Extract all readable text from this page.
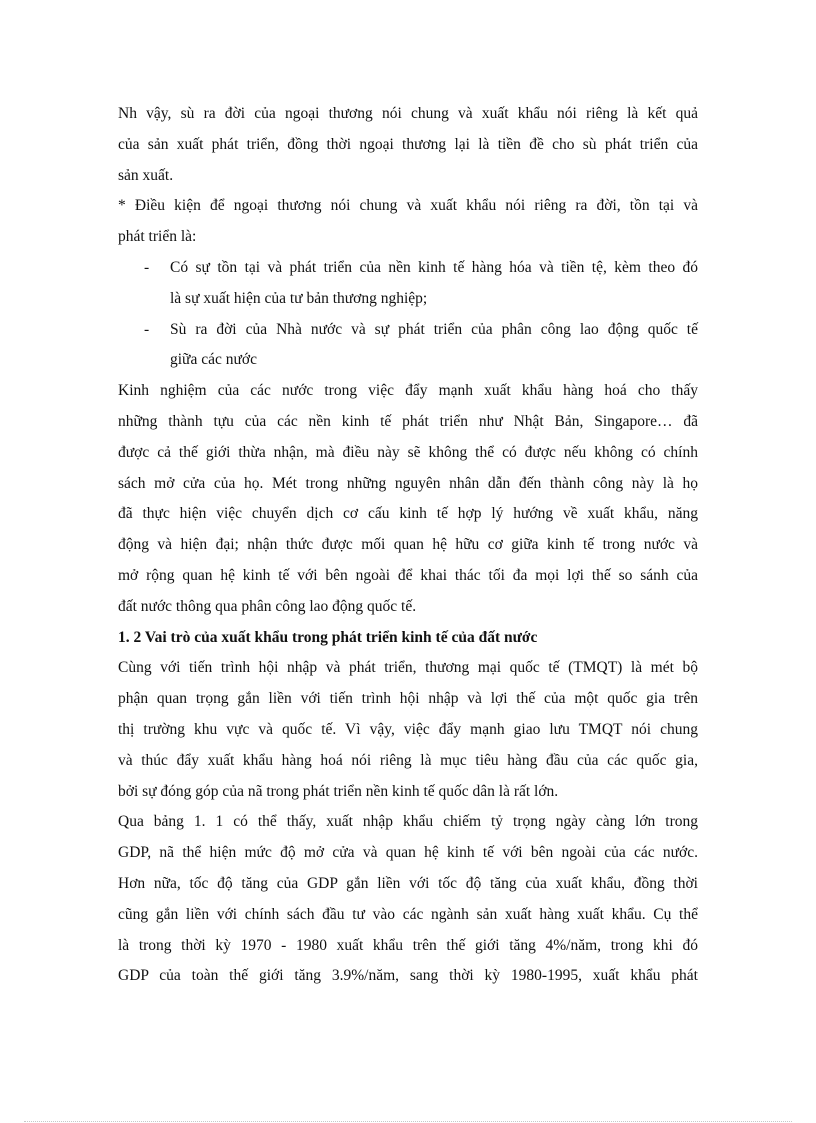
Nh vậy, sù ra đời của ngoại thương nói chung và xuất khẩu nói riêng là kết quả
của sản xuất phát triển, đồng thời ngoại thương lại là tiền đề cho sù phát triển của
sản xuất.
* Điều kiện để ngoại thương nói chung và xuất khẩu nói riêng ra đời, tồn tại và
phát triển là:
- Có sự tồn tại và phát triển của nền kinh tế hàng hóa và tiền tệ, kèm theo đó
là sự xuất hiện của tư bản thương nghiệp;
- Sù ra đời của Nhà nước và sự phát triển của phân công lao động quốc tế
giữa các nước
Kinh nghiệm của các nước trong việc đẩy mạnh xuất khẩu hàng hoá cho thấy
những thành tựu của các nền kinh tế phát triển như Nhật Bản, Singapore… đã
được cả thế giới thừa nhận, mà điều này sẽ không thể có được nếu không có chính
sách mở cửa của họ. Mét trong những nguyên nhân dẫn đến thành công này là họ
đã thực hiện việc chuyển dịch cơ cấu kinh tế hợp lý hướng về xuất khẩu, năng
động và hiện đại; nhận thức được mối quan hệ hữu cơ giữa kinh tế trong nước và
mở rộng quan hệ kinh tế với bên ngoài để khai thác tối đa mọi lợi thế so sánh của
đất nước thông qua phân công lao động quốc tế.
1. 2 Vai trò của xuất khẩu trong phát triển kinh tế của đất nước
Cùng với tiến trình hội nhập và phát triển, thương mại quốc tế (TMQT) là mét bộ
phận quan trọng gắn liền với tiến trình hội nhập và lợi thế của một quốc gia trên
thị trường khu vực và quốc tế. Vì vậy, việc đẩy mạnh giao lưu TMQT nói chung
và thúc đẩy xuất khẩu hàng hoá nói riêng là mục tiêu hàng đầu của các quốc gia,
bởi sự đóng góp của nã trong phát triển nền kinh tế quốc dân là rất lớn.
Qua bảng 1. 1 có thể thấy, xuất nhập khẩu chiếm tỷ trọng ngày càng lớn trong
GDP, nã thể hiện mức độ mở cửa và quan hệ kinh tế với bên ngoài của các nước.
Hơn nữa, tốc độ tăng của GDP gắn liền với tốc độ tăng của xuất khẩu, đồng thời
cũng gắn liền với chính sách đầu tư vào các ngành sản xuất hàng xuất khẩu. Cụ thể
là trong thời kỳ 1970 - 1980 xuất khẩu trên thế giới tăng 4%/năm, trong khi đó
GDP của toàn thế giới tăng 3.9%/năm, sang thời kỳ 1980-1995, xuất khẩu phát
